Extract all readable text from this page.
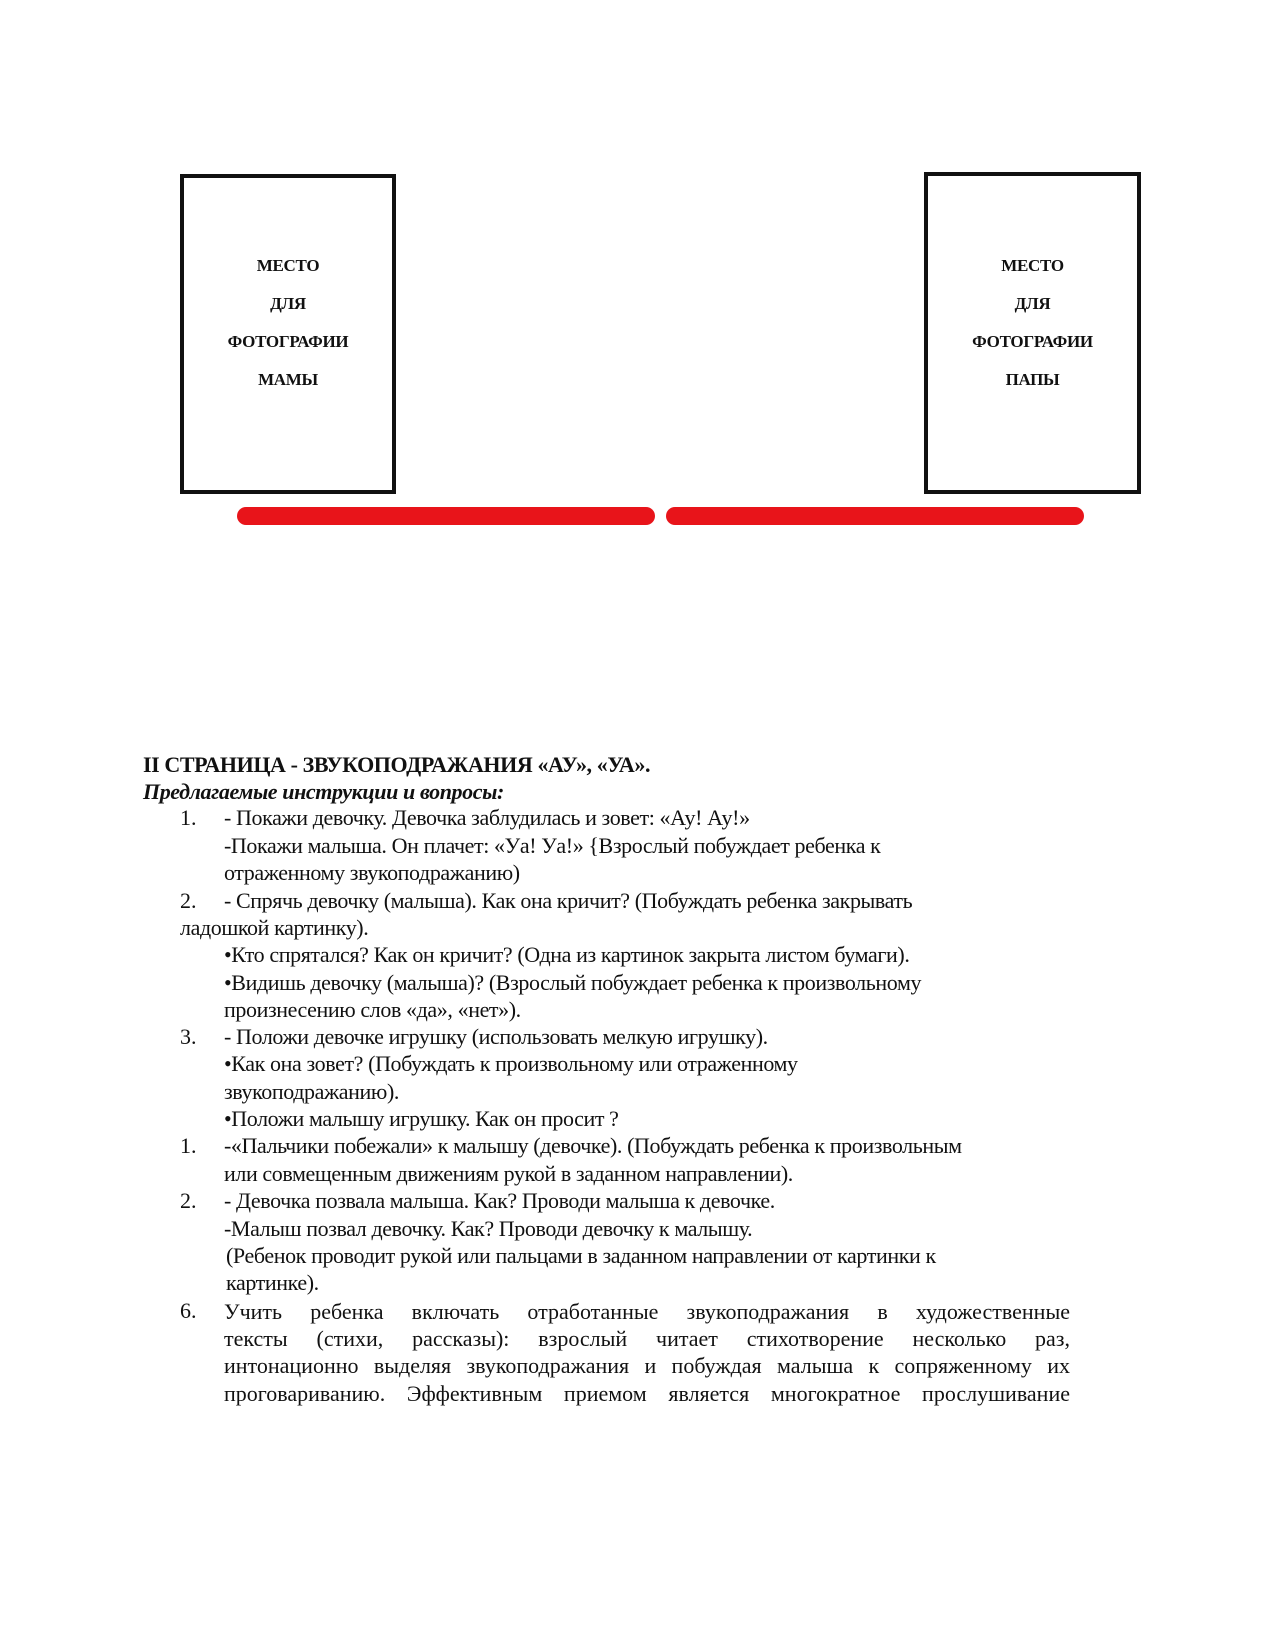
МЕСТО
ДЛЯ
ФОТОГРАФИИ
МАМЫ
МЕСТО
ДЛЯ
ФОТОГРАФИИ
ПАПЫ
II СТРАНИЦА - ЗВУКОПОДРАЖАНИЯ «АУ», «УА».
Предлагаемые инструкции и вопросы:
1. - Покажи девочку. Девочка заблудилась и зовет: «Ау! Ау!»
-Покажи малыша. Он плачет: «Уа! Уа!» {Взрослый побуждает ребенка к
отраженному звукоподражанию)
2. - Спрячь девочку (малыша). Как она кричит? (Побуждать ребенка закрывать
ладошкой картинку).
•Кто спрятался? Как он кричит? (Одна из картинок закрыта листом бумаги).
•Видишь девочку (малыша)? (Взрослый побуждает ребенка к произвольному
произнесению слов «да», «нет»).
3. - Положи девочке игрушку (использовать мелкую игрушку).
•Как она зовет? (Побуждать к произвольному или отраженному
звукоподражанию).
•Положи малышу игрушку. Как он просит ?
1. -«Пальчики побежали» к малышу (девочке). (Побуждать ребенка к произвольным
или совмещенным движениям рукой в заданном направлении).
2. - Девочка позвала малыша. Как? Проводи малыша к девочке.
-Малыш позвал девочку. Как? Проводи девочку к малышу.
(Ребенок проводит рукой или пальцами в заданном направлении от картинки к
картинке).
6. Учить ребенка включать отработанные звукоподражания в художественные
тексты (стихи, рассказы): взрослый читает стихотворение несколько раз,
интонационно выделяя звукоподражания и побуждая малыша к сопряженному их
проговариванию. Эффективным приемом является многократное прослушивание
